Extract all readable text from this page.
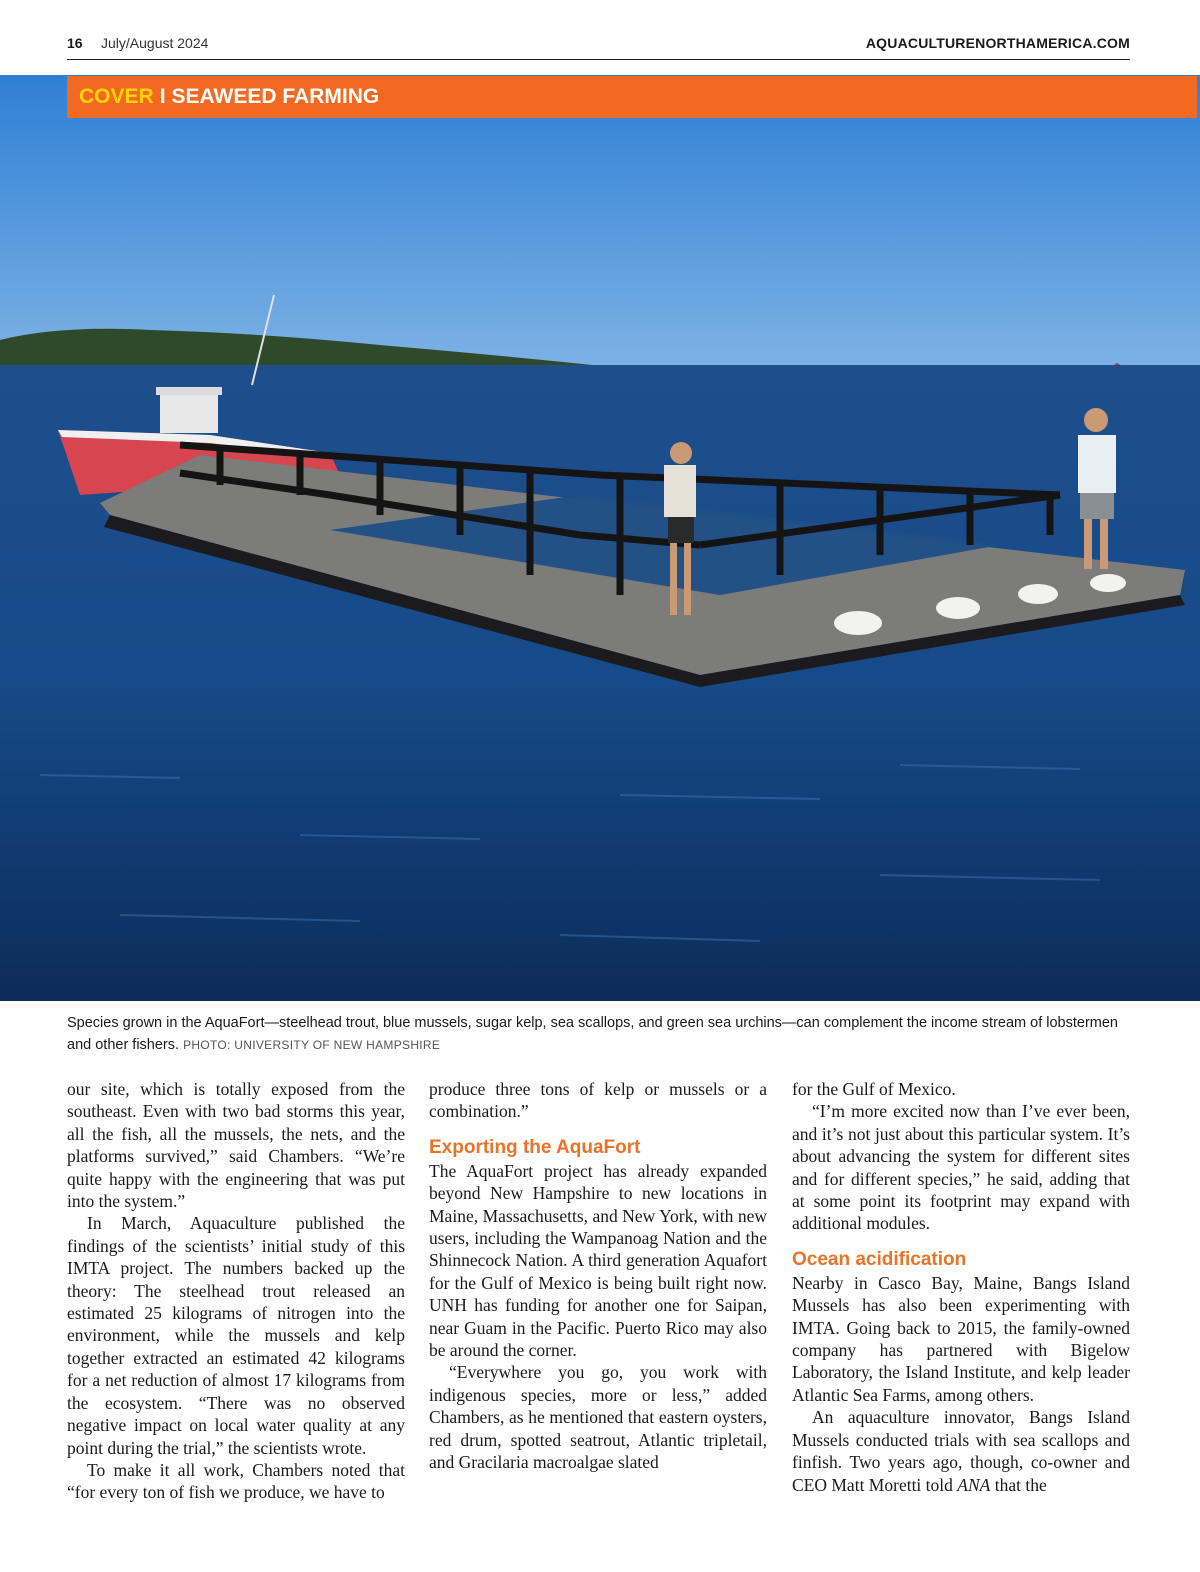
16 July/August 2024	AQUACULTURENORTHAMERICA.COM
COVER I SEAWEED FARMING
Species grown in the AquaFort—steelhead trout, blue mussels, sugar kelp, sea scallops, and green sea urchins—can complement the income stream of lobstermen and other fishers. PHOTO: UNIVERSITY OF NEW HAMPSHIRE

our site, which is totally exposed from the southeast. Even with two bad storms this year, all the fish, all the mussels, the nets, and the platforms survived,” said Chambers. “We’re quite happy with the engineering that was put into the system.”

In March, Aquaculture published the findings of the scientists’ initial study of this IMTA project. The numbers backed up the theory: The steelhead trout released an estimated 25 kilograms of nitrogen into the environment, while the mussels and kelp together extracted an estimated 42 kilograms for a net reduction of almost 17 kilograms from the ecosystem. “There was no observed negative impact on local water quality at any point during the trial,” the scientists wrote.

To make it all work, Chambers noted that “for every ton of fish we produce, we have to

produce three tons of kelp or mussels or a combination.”

Exporting the AquaFort

The AquaFort project has already expanded beyond New Hampshire to new locations in Maine, Massachusetts, and New York, with new users, including the Wampanoag Nation and the Shinnecock Nation. A third generation Aquafort for the Gulf of Mexico is being built right now. UNH has funding for another one for Saipan, near Guam in the Pacific. Puerto Rico may also be around the corner.

“Everywhere you go, you work with indigenous species, more or less,” added Chambers, as he mentioned that eastern oysters, red drum, spotted seatrout, Atlantic tripletail, and Gracilaria macroalgae slated

for the Gulf of Mexico.

“I’m more excited now than I’ve ever been, and it’s not just about this particular system. It’s about advancing the system for different sites and for different species,” he said, adding that at some point its footprint may expand with additional modules.

Ocean acidification

Nearby in Casco Bay, Maine, Bangs Island Mussels has also been experimenting with IMTA. Going back to 2015, the family-owned company has partnered with Bigelow Laboratory, the Island Institute, and kelp leader Atlantic Sea Farms, among others.

An aquaculture innovator, Bangs Island Mussels conducted trials with sea scallops and finfish. Two years ago, though, co-owner and CEO Matt Moretti told ANA that the
